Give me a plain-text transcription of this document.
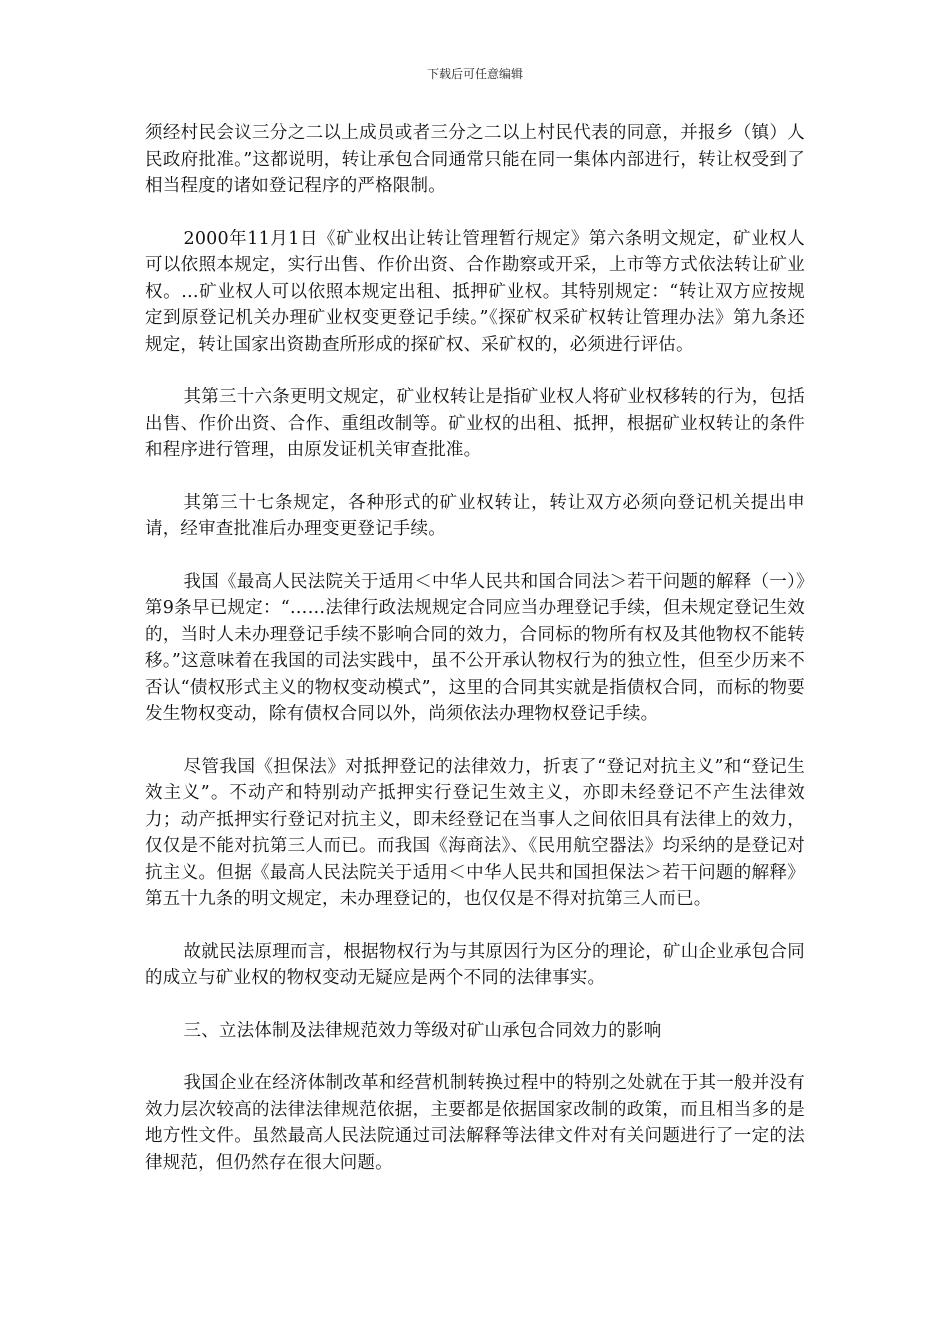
下载后可任意编辑

须经村民会议三分之二以上成员或者三分之二以上村民代表的同意，并报乡（镇）人民政府批准。”这都说明，转让承包合同通常只能在同一集体内部进行，转让权受到了相当程度的诸如登记程序的严格限制。

2000年11月1日《矿业权出让转让管理暂行规定》第六条明文规定，矿业权人可以依照本规定，实行出售、作价出资、合作勘察或开采，上市等方式依法转让矿业权。…矿业权人可以依照本规定出租、抵押矿业权。其特别规定：“转让双方应按规定到原登记机关办理矿业权变更登记手续。”《探矿权采矿权转让管理办法》第九条还规定，转让国家出资勘查所形成的探矿权、采矿权的，必须进行评估。

其第三十六条更明文规定，矿业权转让是指矿业权人将矿业权移转的行为，包括出售、作价出资、合作、重组改制等。矿业权的出租、抵押，根据矿业权转让的条件和程序进行管理，由原发证机关审查批准。

其第三十七条规定，各种形式的矿业权转让，转让双方必须向登记机关提出申请，经审查批准后办理变更登记手续。

我国《最高人民法院关于适用＜中华人民共和国合同法＞若干问题的解释（一）》第9条早已规定：“……法律行政法规规定合同应当办理登记手续，但未规定登记生效的，当时人未办理登记手续不影响合同的效力，合同标的物所有权及其他物权不能转移。”这意味着在我国的司法实践中，虽不公开承认物权行为的独立性，但至少历来不否认“债权形式主义的物权变动模式”，这里的合同其实就是指债权合同，而标的物要发生物权变动，除有债权合同以外，尚须依法办理物权登记手续。

尽管我国《担保法》对抵押登记的法律效力，折衷了“登记对抗主义”和“登记生效主义”。不动产和特别动产抵押实行登记生效主义，亦即未经登记不产生法律效力；动产抵押实行登记对抗主义，即未经登记在当事人之间依旧具有法律上的效力，仅仅是不能对抗第三人而已。而我国《海商法》、《民用航空器法》均采纳的是登记对抗主义。但据《最高人民法院关于适用＜中华人民共和国担保法＞若干问题的解释》第五十九条的明文规定，未办理登记的，也仅仅是不得对抗第三人而已。

故就民法原理而言，根据物权行为与其原因行为区分的理论，矿山企业承包合同的成立与矿业权的物权变动无疑应是两个不同的法律事实。

三、立法体制及法律规范效力等级对矿山承包合同效力的影响

我国企业在经济体制改革和经营机制转换过程中的特别之处就在于其一般并没有效力层次较高的法律法律规范依据，主要都是依据国家改制的政策，而且相当多的是地方性文件。虽然最高人民法院通过司法解释等法律文件对有关问题进行了一定的法律规范，但仍然存在很大问题。
